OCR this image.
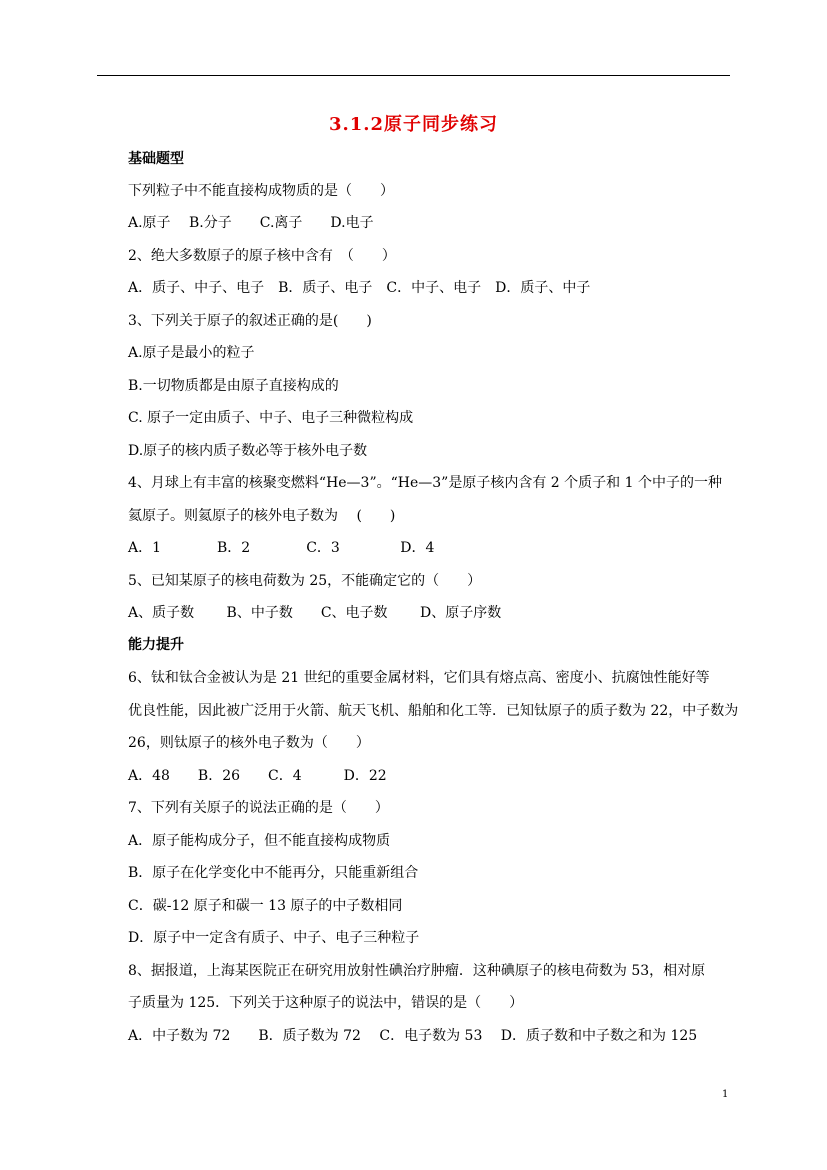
3.1.2原子同步练习
基础题型
下列粒子中不能直接构成物质的是（　　）
A.原子　 B.分子　　C.离子　　D.电子
2、绝大多数原子的原子核中含有　（　　）
A．质子、中子、电子　B．质子、电子　C．中子、电子　D．质子、中子
3、下列关于原子的叙述正确的是(　　)
A.原子是最小的粒子
B.一切物质都是由原子直接构成的
C. 原子一定由质子、中子、电子三种微粒构成
D.原子的核内质子数必等于核外电子数
4、月球上有丰富的核聚变燃料“He—3”。“He—3”是原子核内含有 2 个质子和 1 个中子的一种
氦原子。则氦原子的核外电子数为　 (　　)
A．1　　　　B．2　　　　C．3　　　　 D．4
5、已知某原子的核电荷数为 25，不能确定它的（　　）
A、质子数　　 B、中子数　　C、电子数　　 D、原子序数
能力提升
6、钛和钛合金被认为是 21 世纪的重要金属材料，它们具有熔点高、密度小、抗腐蚀性能好等
优良性能，因此被广泛用于火箭、航天飞机、船舶和化工等．已知钛原子的质子数为 22，中子数为
26，则钛原子的核外电子数为（　　）
A．48　　B．26　　C．4　　　D．22
7、下列有关原子的说法正确的是（　　）
A．原子能构成分子，但不能直接构成物质
B．原子在化学变化中不能再分，只能重新组合
C．碳-12 原子和碳一 13 原子的中子数相同
D．原子中一定含有质子、中子、电子三种粒子
8、据报道，上海某医院正在研究用放射性碘治疗肿瘤．这种碘原子的核电荷数为 53，相对原
子质量为 125．下列关于这种原子的说法中，错误的是（　　）
A．中子数为 72　　B．质子数为 72　 C．电子数为 53　 D．质子数和中子数之和为 125
1
